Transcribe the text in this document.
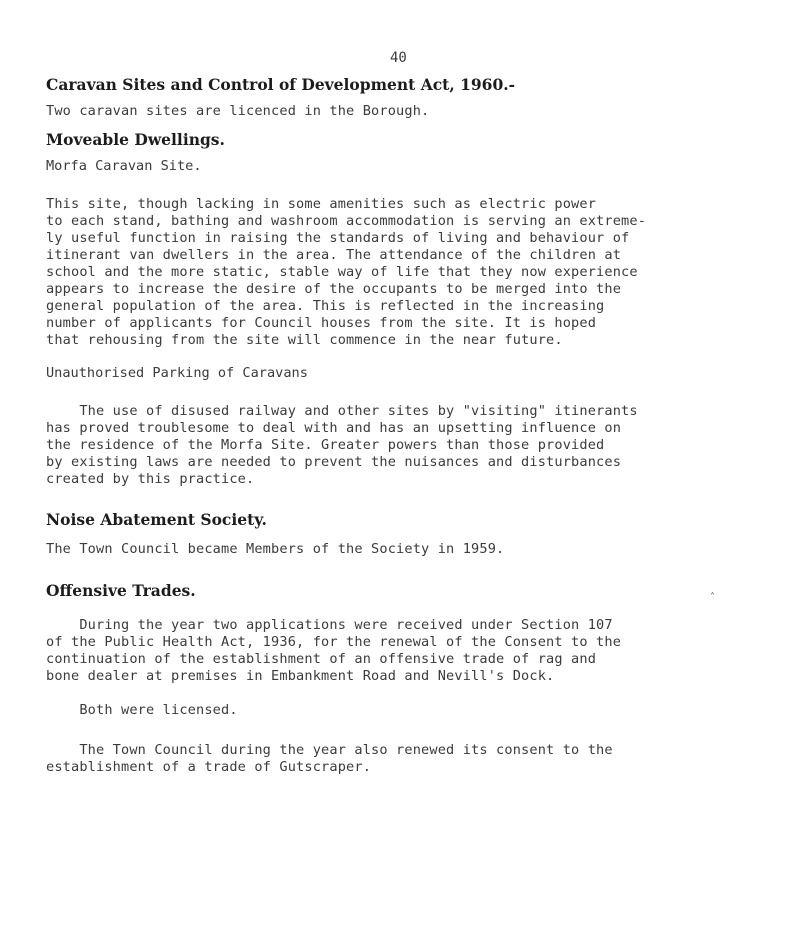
40
Caravan Sites and Control of Development Act, 1960.-
Two caravan sites are licenced in the Borough.
Moveable Dwellings.
Morfa Caravan Site.
This site, though lacking in some amenities such as electric power
to each stand, bathing and washroom accommodation is serving an extreme-
ly useful function in raising the standards of living and behaviour of
itinerant van dwellers in the area. The attendance of the children at
school and the more static, stable way of life that they now experience
appears to increase the desire of the occupants to be merged into the
general population of the area. This is reflected in the increasing
number of applicants for Council houses from the site. It is hoped
that rehousing from the site will commence in the near future.
Unauthorised Parking of Caravans
The use of disused railway and other sites by "visiting" itinerants
has proved troublesome to deal with and has an upsetting influence on
the residence of the Morfa Site. Greater powers than those provided
by existing laws are needed to prevent the nuisances and disturbances
created by this practice.
Noise Abatement Society.
The Town Council became Members of the Society in 1959.
˄
Offensive Trades.
During the year two applications were received under Section 107
of the Public Health Act, 1936, for the renewal of the Consent to the
continuation of the establishment of an offensive trade of rag and
bone dealer at premises in Embankment Road and Nevill's Dock.
Both were licensed.
The Town Council during the year also renewed its consent to the
establishment of a trade of Gutscraper.
